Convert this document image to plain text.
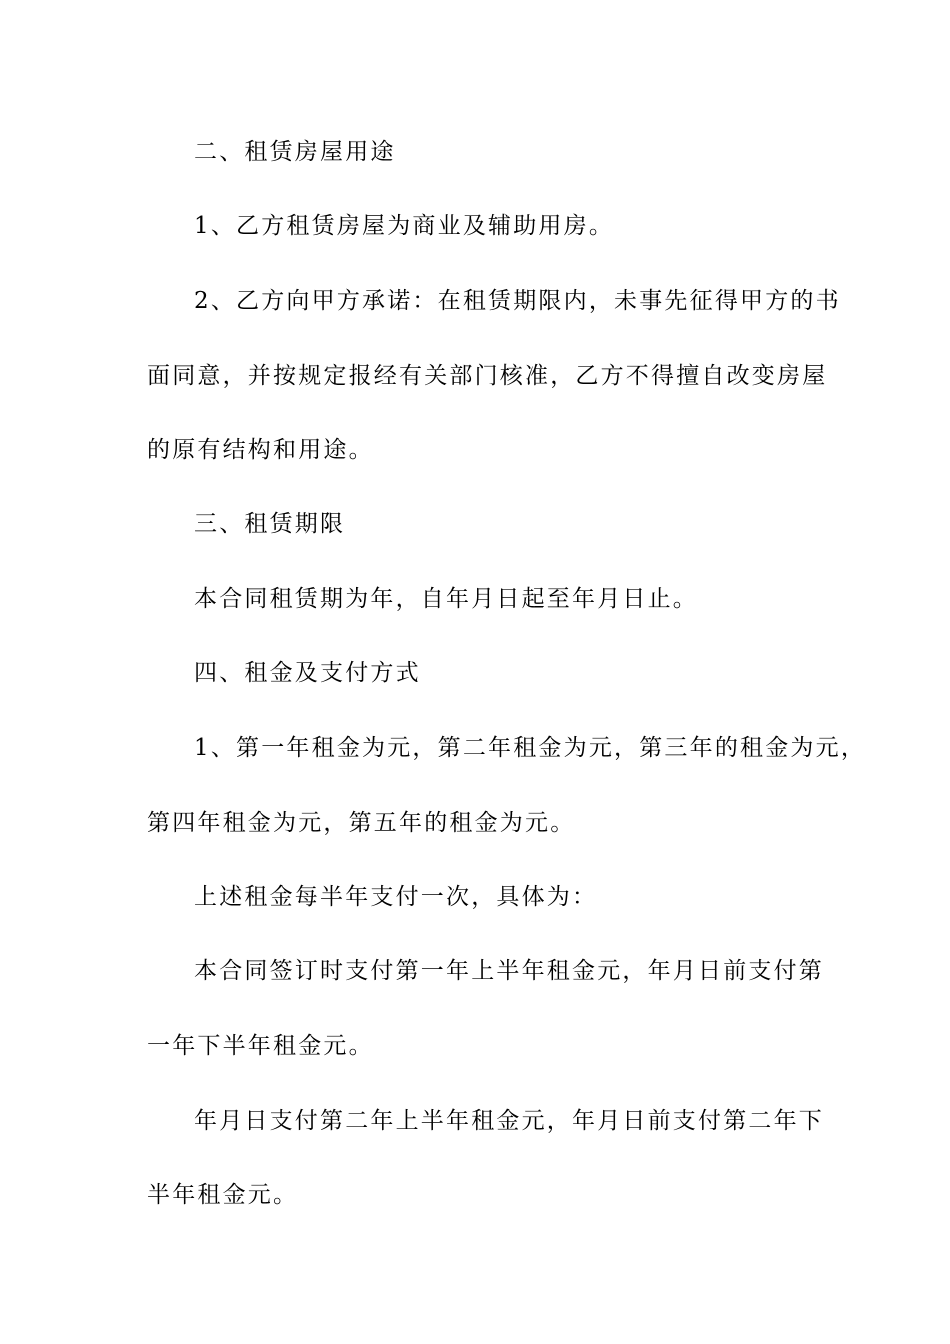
二、租赁房屋用途

1、乙方租赁房屋为商业及辅助用房。

2、乙方向甲方承诺：在租赁期限内，未事先征得甲方的书

面同意，并按规定报经有关部门核准，乙方不得擅自改变房屋

的原有结构和用途。

三、租赁期限

本合同租赁期为年，自年月日起至年月日止。

四、租金及支付方式

1、第一年租金为元，第二年租金为元，第三年的租金为元，

第四年租金为元，第五年的租金为元。

上述租金每半年支付一次，具体为：

本合同签订时支付第一年上半年租金元，年月日前支付第

一年下半年租金元。

年月日支付第二年上半年租金元，年月日前支付第二年下

半年租金元。
